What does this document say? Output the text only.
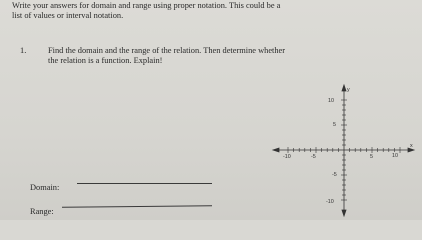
Write your answers for domain and range using proper notation. This could be a
list of values or interval notation.
1.	Find the domain and the range of the relation. Then determine whether
the relation is a function. Explain!
Domain:
Range:
y
x
-10	-5	5	10
10
5
-5
-10
